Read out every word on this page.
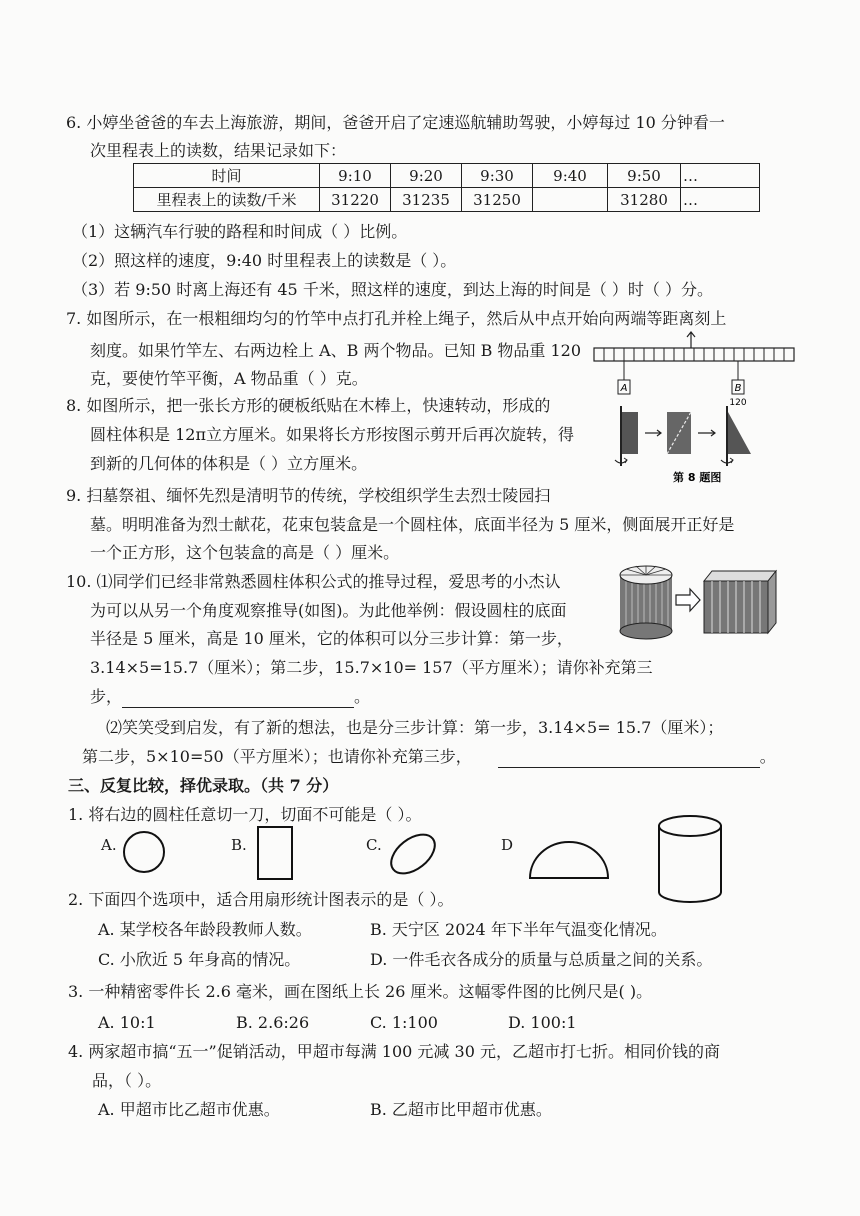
6. 小婷坐爸爸的车去上海旅游，期间，爸爸开启了定速巡航辅助驾驶，小婷每过 10 分钟看一
次里程表上的读数，结果记录如下：
时间	9:10	9:20	9:30	9:40	9:50	…
里程表上的读数/千米	31220	31235	31250		31280	…
（1）这辆汽车行驶的路程和时间成（ ）比例。
（2）照这样的速度，9:40 时里程表上的读数是（ ）。
（3）若 9:50 时离上海还有 45 千米，照这样的速度，到达上海的时间是（ ）时（ ）分。
7. 如图所示，在一根粗细均匀的竹竿中点打孔并栓上绳子，然后从中点开始向两端等距离刻上
刻度。如果竹竿左、右两边栓上 A、B 两个物品。已知 B 物品重 120
克，要使竹竿平衡，A 物品重（ ）克。
A	B
120
8. 如图所示，把一张长方形的硬板纸贴在木棒上，快速转动，形成的
圆柱体积是 12π立方厘米。如果将长方形按图示剪开后再次旋转，得
到新的几何体的体积是（ ）立方厘米。
第 8 题图
9. 扫墓祭祖、缅怀先烈是清明节的传统，学校组织学生去烈士陵园扫
墓。明明准备为烈士献花，花束包装盒是一个圆柱体，底面半径为 5 厘米，侧面展开正好是
一个正方形，这个包装盒的高是（ ）厘米。
10. ⑴同学们已经非常熟悉圆柱体积公式的推导过程，爱思考的小杰认
为可以从另一个角度观察推导(如图)。为此他举例：假设圆柱的底面
半径是 5 厘米，高是 10 厘米，它的体积可以分三步计算：第一步，
3.14×5=15.7（厘米）；第二步，15.7×10= 157（平方厘米）；请你补充第三
步，	。
⑵笑笑受到启发，有了新的想法，也是分三步计算：第一步，3.14×5= 15.7（厘米）；
第二步，5×10=50（平方厘米）；也请你补充第三步，	。
三、反复比较，择优录取。（共 7 分）
1. 将右边的圆柱任意切一刀，切面不可能是（ ）。
A.	B.	C.	D
2. 下面四个选项中，适合用扇形统计图表示的是（ ）。
A. 某学校各年龄段教师人数。	B. 天宁区 2024 年下半年气温变化情况。
C. 小欣近 5 年身高的情况。	D. 一件毛衣各成分的质量与总质量之间的关系。
3. 一种精密零件长 2.6 毫米，画在图纸上长 26 厘米。这幅零件图的比例尺是( )。
A. 10:1	B. 2.6:26	C. 1:100	D. 100:1
4. 两家超市搞“五一”促销活动，甲超市每满 100 元减 30 元，乙超市打七折。相同价钱的商
品，（ ）。
A. 甲超市比乙超市优惠。	B. 乙超市比甲超市优惠。
